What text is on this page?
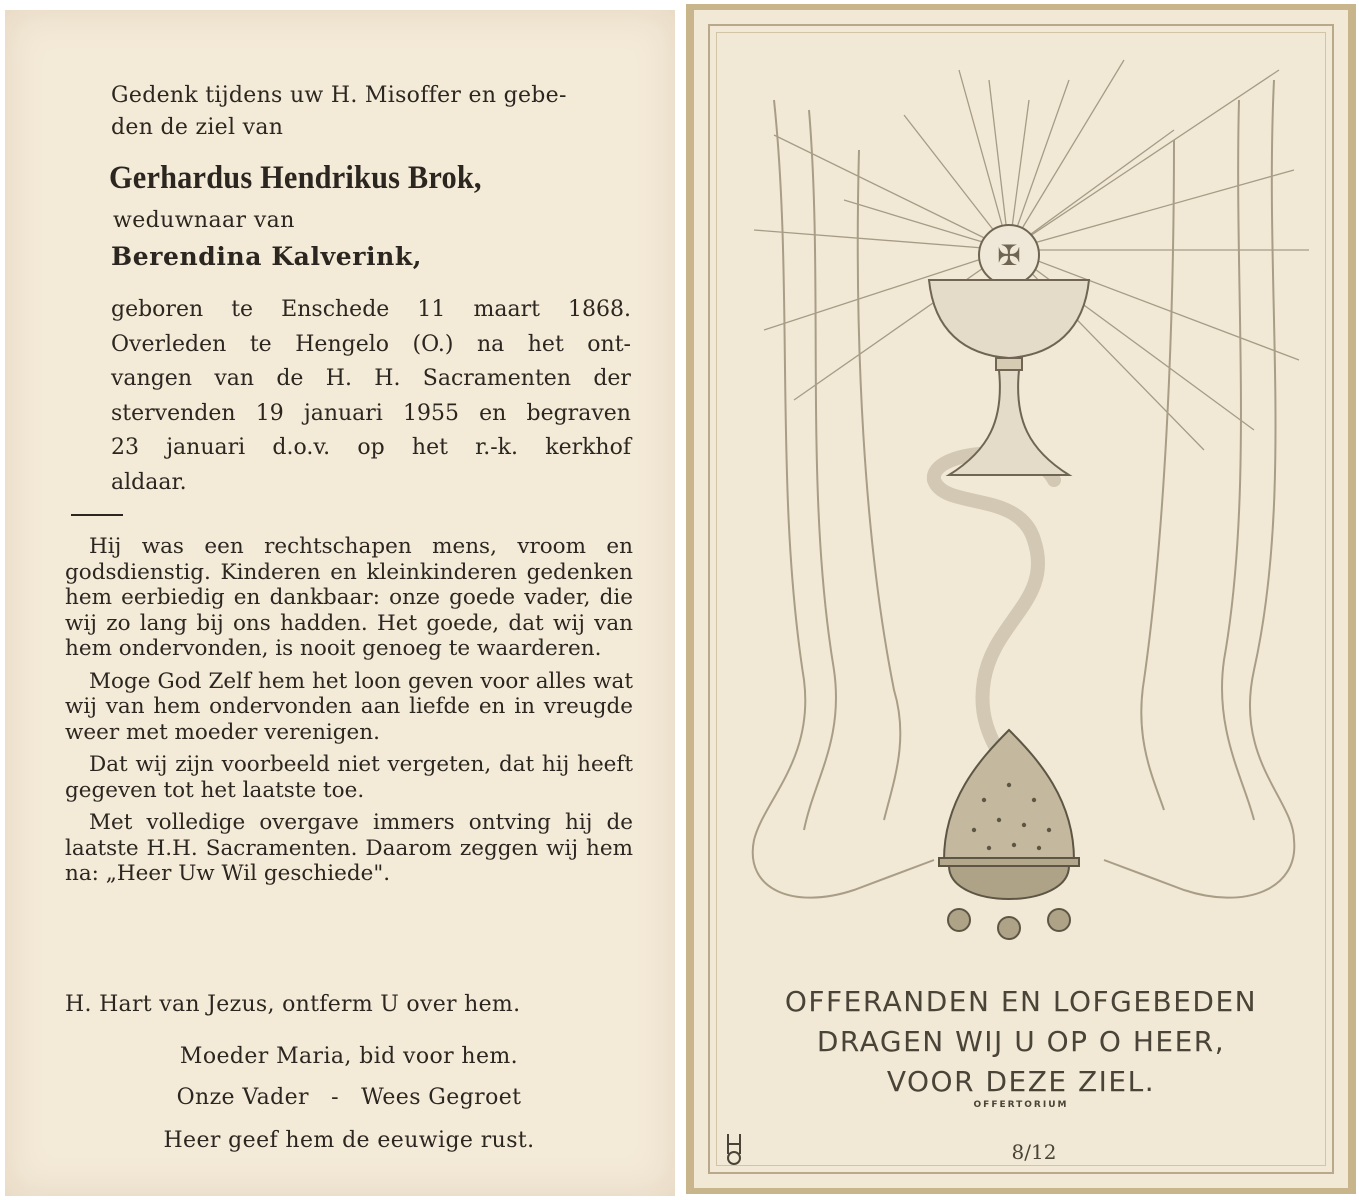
Gedenk tijdens uw H. Misoffer en gebe-

den de ziel van
Gerhardus Hendrikus Brok,
weduwnaar van
Berendina Kalverink,
geboren te Enschede 11 maart 1868.
Overleden te Hengelo (O.) na het ont-
vangen van de H. H. Sacramenten der
stervenden 19 januari 1955 en begraven
23 januari d.o.v. op het r.-k. kerkhof
aldaar.

Hij was een rechtschapen mens, vroom en godsdienstig. Kinderen en kleinkinderen gedenken hem eerbiedig en dankbaar: onze goede vader, die wij zo lang bij ons hadden. Het goede, dat wij van hem ondervonden, is nooit genoeg te waarderen.

Moge God Zelf hem het loon geven voor alles wat wij van hem ondervonden aan liefde en in vreugde weer met moeder verenigen.

Dat wij zijn voorbeeld niet vergeten, dat hij heeft gegeven tot het laatste toe.

Met volledige overgave immers ontving hij de laatste H.H. Sacramenten. Daarom zeggen wij hem na: „Heer Uw Wil geschiede".

H. Hart van Jezus, ontferm U over hem.
Moeder Maria, bid voor hem.
Onze Vader   -   Wees Gegroet
Heer geef hem de eeuwige rust.
✠
OFFERANDEN EN LOFGEBEDEN
DRAGEN WIJ U OP O HEER,
VOOR DEZE ZIEL.
OFFERTORIUM
8/12
